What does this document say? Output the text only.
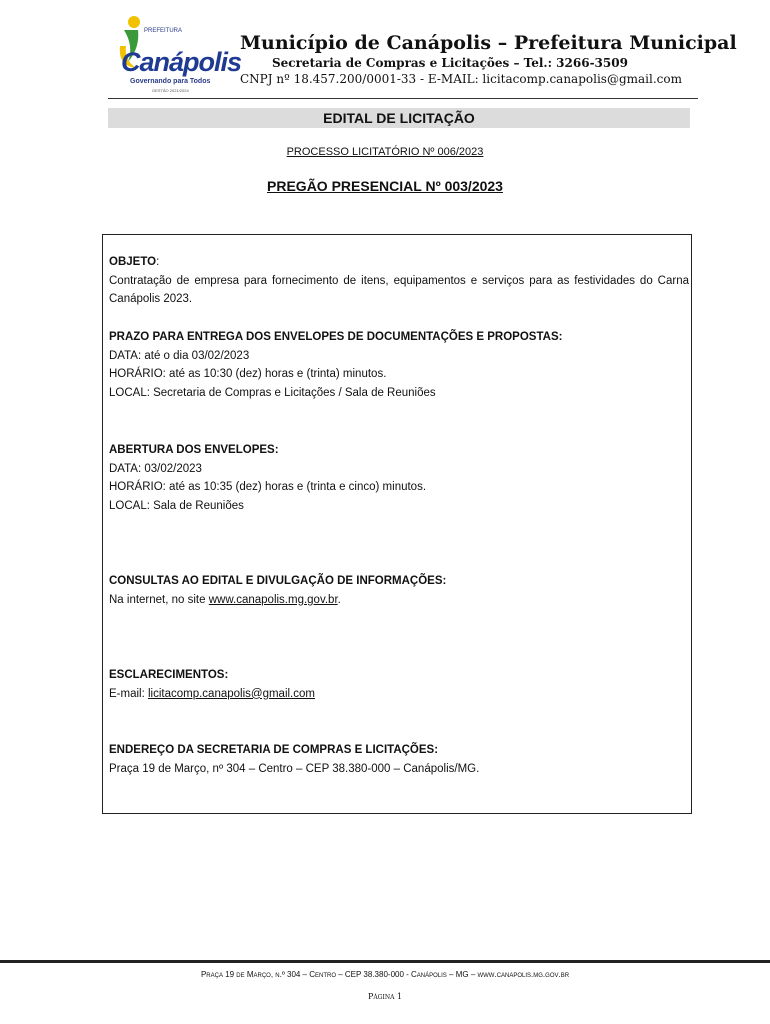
PREFEITURA
Canápolis
Governando para Todos
GESTÃO 2021/2024
Município de Canápolis – Prefeitura Municipal
Secretaria de Compras e Licitações – Tel.: 3266-3509
CNPJ nº 18.457.200/0001-33 - E-MAIL: licitacomp.canapolis@gmail.com
EDITAL DE LICITAÇÃO
PROCESSO LICITATÓRIO Nº 006/2023
PREGÃO PRESENCIAL Nº 003/2023
OBJETO:
Contratação de empresa para fornecimento de itens, equipamentos e serviços para as festividades do Carna Canápolis 2023.
PRAZO PARA ENTREGA DOS ENVELOPES DE DOCUMENTAÇÕES E PROPOSTAS:
DATA: até o dia 03/02/2023
HORÁRIO: até as 10:30 (dez) horas e (trinta) minutos.
LOCAL: Secretaria de Compras e Licitações / Sala de Reuniões
ABERTURA DOS ENVELOPES:
DATA: 03/02/2023
HORÁRIO: até as 10:35 (dez) horas e (trinta e cinco) minutos.
LOCAL: Sala de Reuniões
CONSULTAS AO EDITAL E DIVULGAÇÃO DE INFORMAÇÕES:
Na internet, no site www.canapolis.mg.gov.br.
ESCLARECIMENTOS:
E-mail: licitacomp.canapolis@gmail.com
ENDEREÇO DA SECRETARIA DE COMPRAS E LICITAÇÕES:
Praça 19 de Março, nº 304 – Centro – CEP 38.380-000 – Canápolis/MG.
Praça 19 de Março, n.º 304 – Centro – CEP 38.380-000 - Canápolis – MG – www.canapolis.mg.gov.br
Página 1
